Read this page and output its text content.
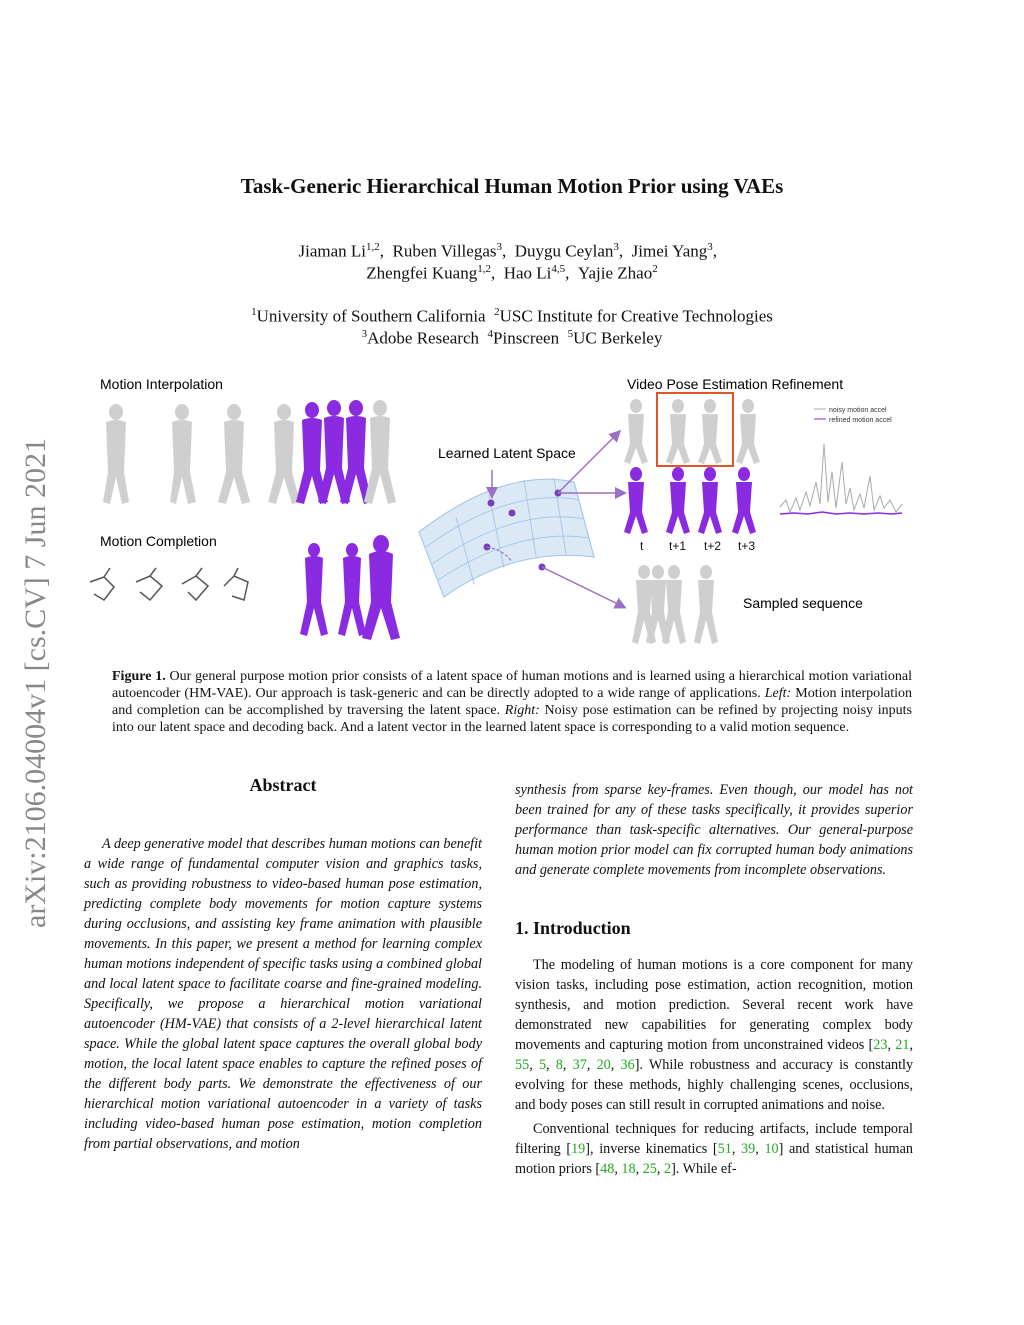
arXiv:2106.04004v1 [cs.CV] 7 Jun 2021
Task-Generic Hierarchical Human Motion Prior using VAEs
Jiaman Li$^{1,2}$,  Ruben Villegas$^3$,  Duygu Ceylan$^3$,  Jimei Yang$^3$,
Zhengfei Kuang$^{1,2}$,  Hao Li$^{4,5}$,  Yajie Zhao$^2$
$^1$University of Southern California $^2$USC Institute for Creative Technologies
$^3$Adobe Research $^4$Pinscreen $^5$UC Berkeley
Motion Interpolation
Motion Completion
Learned Latent Space
Video Pose Estimation Refinement
Sampled sequence
t t+1 t+2 t+3
noisy motion accel
refined motion accel
Figure 1. Our general purpose motion prior consists of a latent space of human motions and is learned using a hierarchical motion variational autoencoder (HM-VAE). Our approach is task-generic and can be directly adopted to a wide range of applications. Left: Motion interpolation and completion can be accomplished by traversing the latent space. Right: Noisy pose estimation can be refined by projecting noisy inputs into our latent space and decoding back. And a latent vector in the learned latent space is corresponding to a valid motion sequence.
Abstract

A deep generative model that describes human motions can benefit a wide range of fundamental computer vision and graphics tasks, such as providing robustness to video-based human pose estimation, predicting complete body movements for motion capture systems during occlusions, and assisting key frame animation with plausible movements. In this paper, we present a method for learning complex human motions independent of specific tasks using a combined global and local latent space to facilitate coarse and fine-grained modeling. Specifically, we propose a hierarchical motion variational autoencoder (HM-VAE) that consists of a 2-level hierarchical latent space. While the global latent space captures the overall global body motion, the local latent space enables to capture the refined poses of the different body parts. We demonstrate the effectiveness of our hierarchical motion variational autoencoder in a variety of tasks including video-based human pose estimation, motion completion from partial observations, and motion

synthesis from sparse key-frames. Even though, our model has not been trained for any of these tasks specifically, it provides superior performance than task-specific alternatives. Our general-purpose human motion prior model can fix corrupted human body animations and generate complete movements from incomplete observations.
1. Introduction

The modeling of human motions is a core component for many vision tasks, including pose estimation, action recognition, motion synthesis, and motion prediction. Several recent work have demonstrated new capabilities for generating complex body movements and capturing motion from unconstrained videos [23, 21, 55, 5, 8, 37, 20, 36]. While robustness and accuracy is constantly evolving for these methods, highly challenging scenes, occlusions, and body poses can still result in corrupted animations and noise.

Conventional techniques for reducing artifacts, include temporal filtering [19], inverse kinematics [51, 39, 10] and statistical human motion priors [48, 18, 25, 2]. While ef-
